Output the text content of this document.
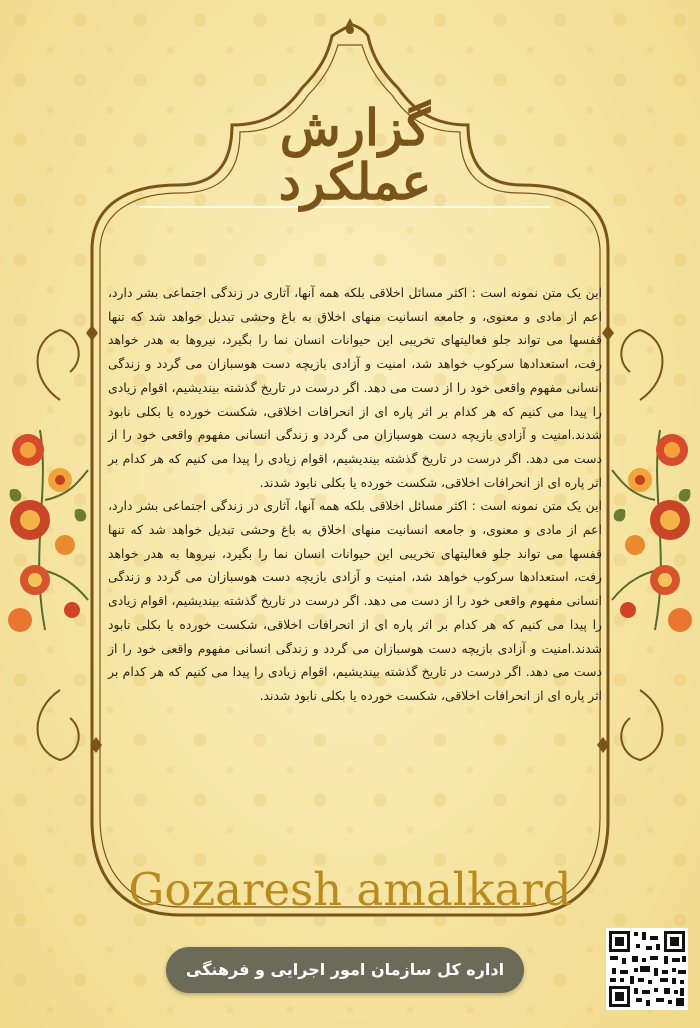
گزارش
عملکرد

این یک متن نمونه است : اکثر مسائل اخلاقی بلکه همه آنها، آثاری در زندگی اجتماعی بشر دارد، اعم از مادی و معنوی، و جامعه انسانیت منهای اخلاق به باغ وحشی تبدیل خواهد شد که تنها قفسها می تواند جلو فعالیتهای تخریبی این حیوانات انسان نما را بگیرد، نیروها به هدر خواهد رفت، استعدادها سرکوب خواهد شد، امنیت و آزادی بازیچه دست هوسبازان می گردد و زندگی انسانی مفهوم واقعی خود را از دست می دهد. اگر درست در تاریخ گذشته بیندیشیم، اقوام زیادی را پیدا می کنیم که هر کدام بر اثر پاره ای از انحرافات اخلاقی، شکست خورده یا بکلی نابود شدند.امنیت و آزادی بازیچه دست هوسبازان می گردد و زندگی انسانی مفهوم واقعی خود را از دست می دهد. اگر درست در تاریخ گذشته بیندیشیم، اقوام زیادی را پیدا می کنیم که هر کدام بر اثر پاره ای از انحرافات اخلاقی، شکست خورده یا بکلی نابود شدند.

این یک متن نمونه است : اکثر مسائل اخلاقی بلکه همه آنها، آثاری در زندگی اجتماعی بشر دارد، اعم از مادی و معنوی، و جامعه انسانیت منهای اخلاق به باغ وحشی تبدیل خواهد شد که تنها قفسها می تواند جلو فعالیتهای تخریبی این حیوانات انسان نما را بگیرد، نیروها به هدر خواهد رفت، استعدادها سرکوب خواهد شد، امنیت و آزادی بازیچه دست هوسبازان می گردد و زندگی انسانی مفهوم واقعی خود را از دست می دهد. اگر درست در تاریخ گذشته بیندیشیم، اقوام زیادی را پیدا می کنیم که هر کدام بر اثر پاره ای از انحرافات اخلاقی، شکست خورده یا بکلی نابود شدند.امنیت و آزادی بازیچه دست هوسبازان می گردد و زندگی انسانی مفهوم واقعی خود را از دست می دهد. اگر درست در تاریخ گذشته بیندیشیم، اقوام زیادی را پیدا می کنیم که هر کدام بر اثر پاره ای از انحرافات اخلاقی، شکست خورده یا بکلی نابود شدند.

Gozaresh amalkard
اداره کل سازمان امور اجرایی و فرهنگی
